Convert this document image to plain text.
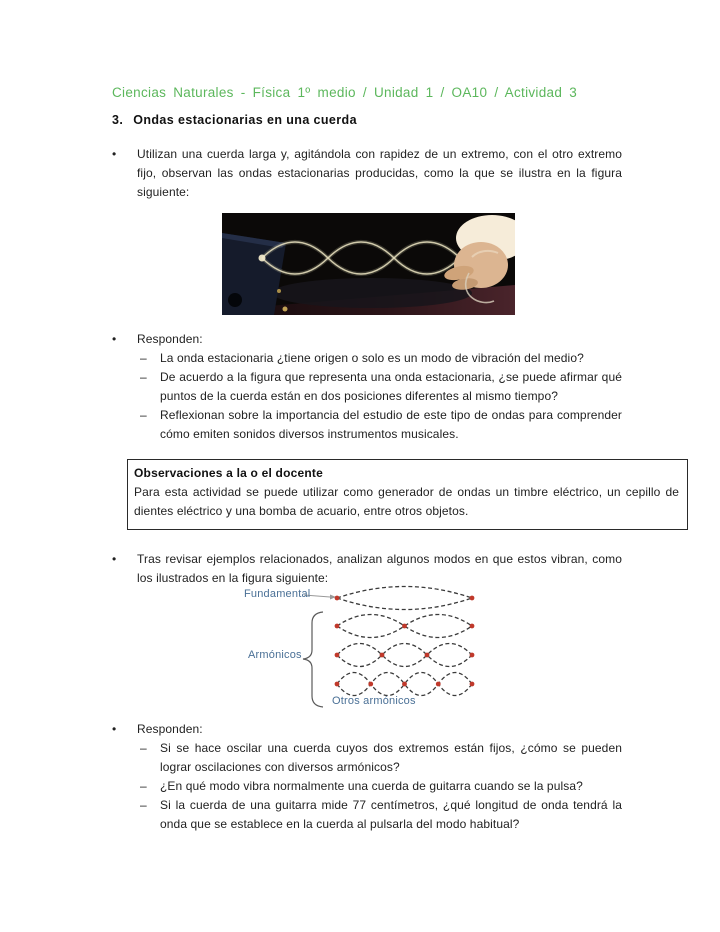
Ciencias Naturales - Física 1º medio / Unidad 1 / OA10 / Actividad 3
3. Ondas estacionarias en una cuerda
•	Utilizan una cuerda larga y, agitándola con rapidez de un extremo, con el otro extremo fijo, observan las ondas estacionarias producidas, como la que se ilustra en la figura siguiente:
•	Responden:
–	La onda estacionaria ¿tiene origen o solo es un modo de vibración del medio?
–	De acuerdo a la figura que representa una onda estacionaria, ¿se puede afirmar qué puntos de la cuerda están en dos posiciones diferentes al mismo tiempo?
–	Reflexionan sobre la importancia del estudio de este tipo de ondas para comprender cómo emiten sonidos diversos instrumentos musicales.
Observaciones a la o el docente
Para esta actividad se puede utilizar como generador de ondas un timbre eléctrico, un cepillo de dientes eléctrico y una bomba de acuario, entre otros objetos.
•	Tras revisar ejemplos relacionados, analizan algunos modos en que estos vibran, como los ilustrados en la figura siguiente:
Fundamental
Armónicos
Otros armónicos
•	Responden:
–	Si se hace oscilar una cuerda cuyos dos extremos están fijos, ¿cómo se pueden lograr oscilaciones con diversos armónicos?
–	¿En qué modo vibra normalmente una cuerda de guitarra cuando se la pulsa?
–	Si la cuerda de una guitarra mide 77 centímetros, ¿qué longitud de onda tendrá la onda que se establece en la cuerda al pulsarla del modo habitual?
